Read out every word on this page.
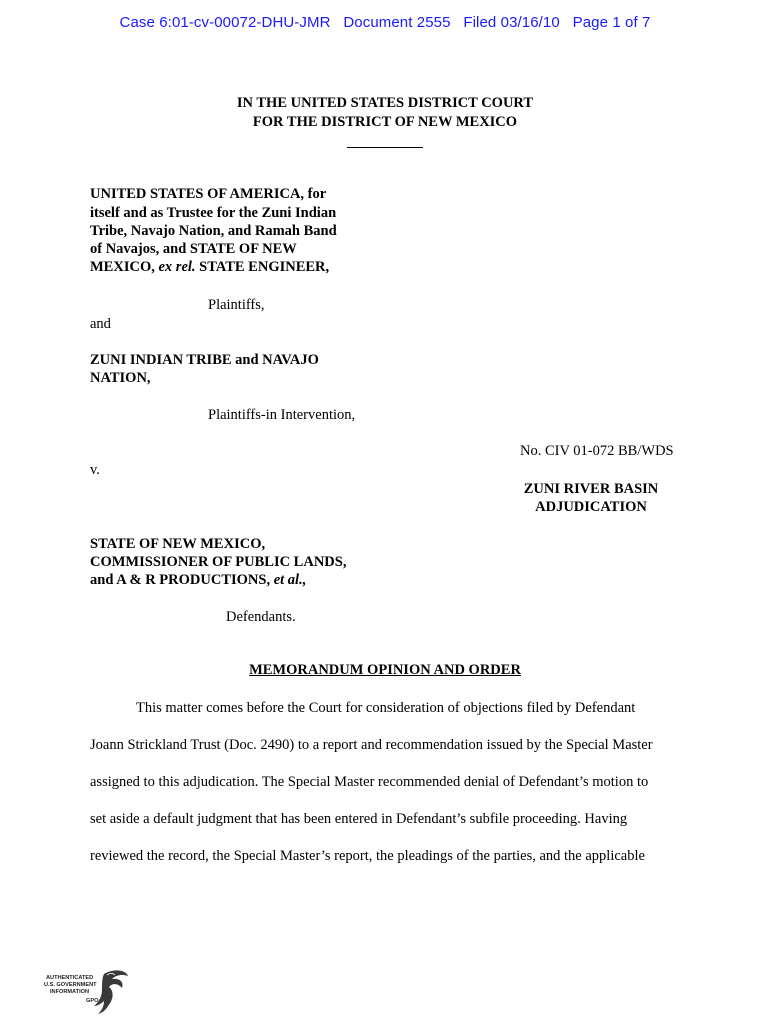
Case 6:01-cv-00072-DHU-JMR   Document 2555   Filed 03/16/10   Page 1 of 7
IN THE UNITED STATES DISTRICT COURT
FOR THE DISTRICT OF NEW MEXICO
UNITED STATES OF AMERICA, for
itself and as Trustee for the Zuni Indian
Tribe, Navajo Nation, and Ramah Band
of Navajos, and STATE OF NEW
MEXICO, ex rel. STATE ENGINEER,
Plaintiffs,
and
ZUNI INDIAN TRIBE and NAVAJO
NATION,
Plaintiffs-in Intervention,
No. CIV 01-072 BB/WDS
v.
ZUNI RIVER BASIN
ADJUDICATION
STATE OF NEW MEXICO,
COMMISSIONER OF PUBLIC LANDS,
and A & R PRODUCTIONS, et al.,
Defendants.
MEMORANDUM OPINION AND ORDER
This matter comes before the Court for consideration of objections filed by Defendant
Joann Strickland Trust (Doc. 2490) to a report and recommendation issued by the Special Master
assigned to this adjudication. The Special Master recommended denial of Defendant’s motion to
set aside a default judgment that has been entered in Defendant’s subfile proceeding. Having
reviewed the record, the Special Master’s report, the pleadings of the parties, and the applicable
AUTHENTICATED
U.S. GOVERNMENT
INFORMATION
GPO
